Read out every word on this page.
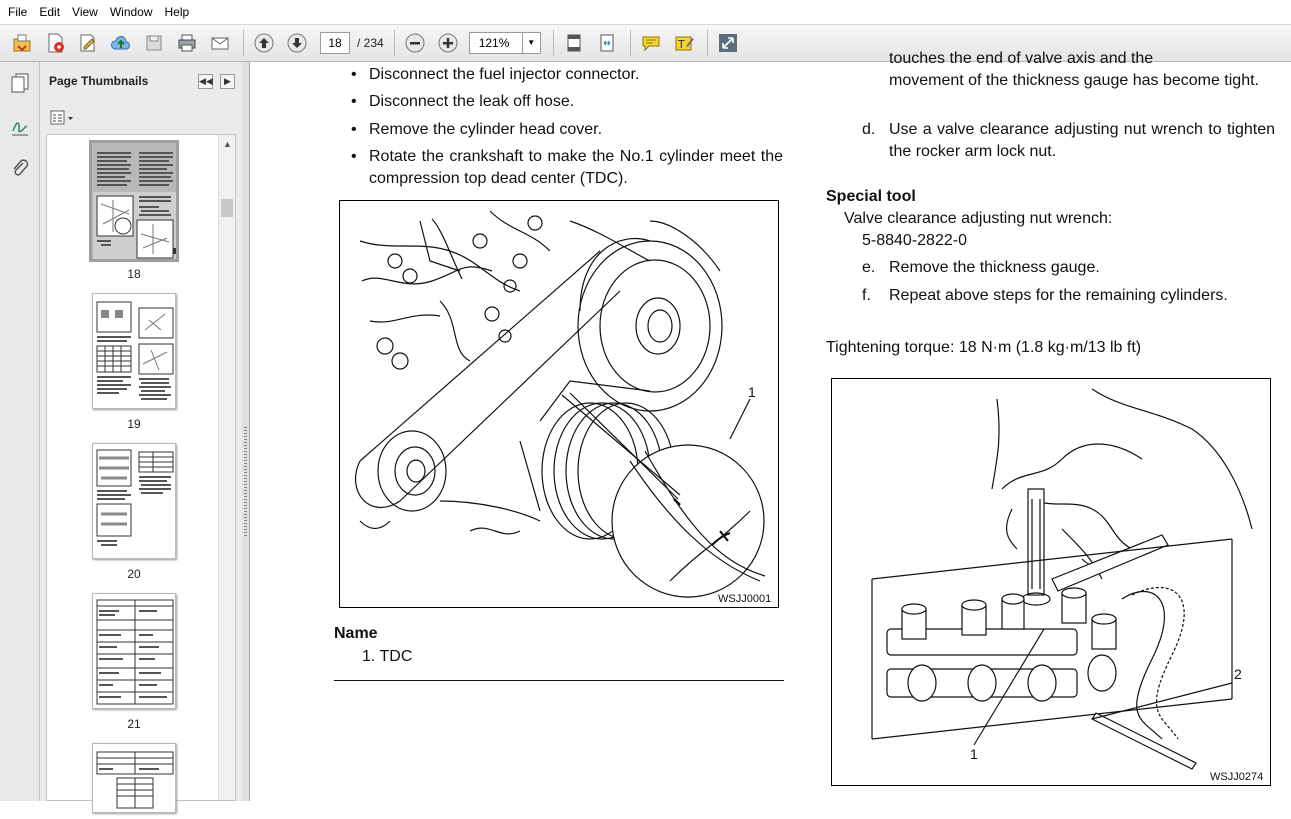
File	Edit	View	Window	Help
18	/ 234	121%	▼	T
Page Thumbnails	◀◀	▶
18
19
20
21
▲
• Disconnect the fuel injector connector.
• Disconnect the leak off hose.
• Remove the cylinder head cover.
• Rotate the crankshaft to make the No.1 cylinder meet the compression top dead center (TDC).
1
WSJJ0001
Name
1. TDC
touches the end of valve axis and the
movement of the thickness gauge has become tight.
d. Use a valve clearance adjusting nut wrench to tighten the rocker arm lock nut.
Special tool
Valve clearance adjusting nut wrench:
5-8840-2822-0
e. Remove the thickness gauge.
f. Repeat above steps for the remaining cylinders.
Tightening torque: 18 N·m (1.8 kg·m/13 lb ft)
1
2
WSJJ0274
